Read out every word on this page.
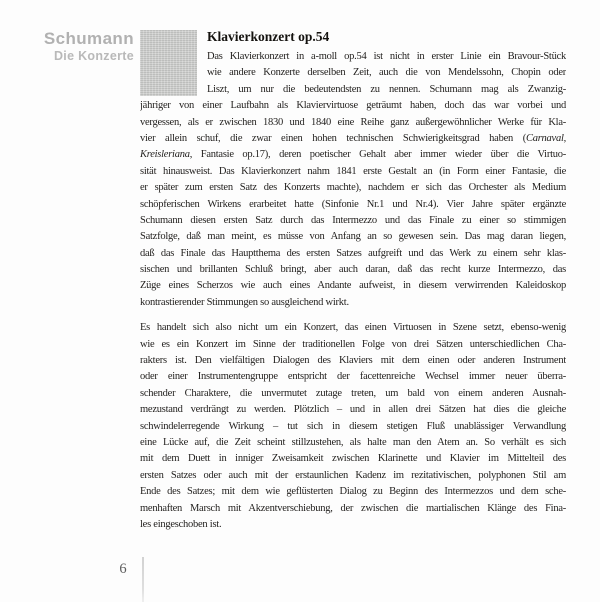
Schumann
Die Konzerte
Klavierkonzert op.54
Das Klavierkonzert in a-moll op.54 ist nicht in erster Linie ein Bravour-Stück
wie andere Konzerte derselben Zeit, auch die von Mendelssohn, Chopin oder
Liszt, um nur die bedeutendsten zu nennen. Schumann mag als Zwanzig-
jähriger von einer Laufbahn als Klaviervirtuose geträumt haben, doch das war vorbei und
vergessen, als er zwischen 1830 und 1840 eine Reihe ganz außergewöhnlicher Werke für Kla-
vier allein schuf, die zwar einen hohen technischen Schwierigkeitsgrad haben (Carnaval,
Kreisleriana, Fantasie op.17), deren poetischer Gehalt aber immer wieder über die Virtuo-
sität hinausweist. Das Klavierkonzert nahm 1841 erste Gestalt an (in Form einer Fantasie, die
er später zum ersten Satz des Konzerts machte), nachdem er sich das Orchester als Medium
schöpferischen Wirkens erarbeitet hatte (Sinfonie Nr.1 und Nr.4). Vier Jahre später ergänzte
Schumann diesen ersten Satz durch das Intermezzo und das Finale zu einer so stimmigen
Satzfolge, daß man meint, es müsse von Anfang an so gewesen sein. Das mag daran liegen,
daß das Finale das Hauptthema des ersten Satzes aufgreift und das Werk zu einem sehr klas-
sischen und brillanten Schluß bringt, aber auch daran, daß das recht kurze Intermezzo, das
Züge eines Scherzos wie auch eines Andante aufweist, in diesem verwirrenden Kaleidoskop
kontrastierender Stimmungen so ausgleichend wirkt.
Es handelt sich also nicht um ein Konzert, das einen Virtuosen in Szene setzt, ebenso-wenig
wie es ein Konzert im Sinne der traditionellen Folge von drei Sätzen unterschiedlichen Cha-
rakters ist. Den vielfältigen Dialogen des Klaviers mit dem einen oder anderen Instrument
oder einer Instrumentengruppe entspricht der facettenreiche Wechsel immer neuer überra-
schender Charaktere, die unvermutet zutage treten, um bald von einem anderen Ausnah-
mezustand verdrängt zu werden. Plötzlich – und in allen drei Sätzen hat dies die gleiche
schwindelerregende Wirkung – tut sich in diesem stetigen Fluß unablässiger Verwandlung
eine Lücke auf, die Zeit scheint stillzustehen, als halte man den Atem an. So verhält es sich
mit dem Duett in inniger Zweisamkeit zwischen Klarinette und Klavier im Mittelteil des
ersten Satzes oder auch mit der erstaunlichen Kadenz im rezitativischen, polyphonen Stil am
Ende des Satzes; mit dem wie geflüsterten Dialog zu Beginn des Intermezzos und dem sche-
menhaften Marsch mit Akzentverschiebung, der zwischen die martialischen Klänge des Fina-
les eingeschoben ist.
6
